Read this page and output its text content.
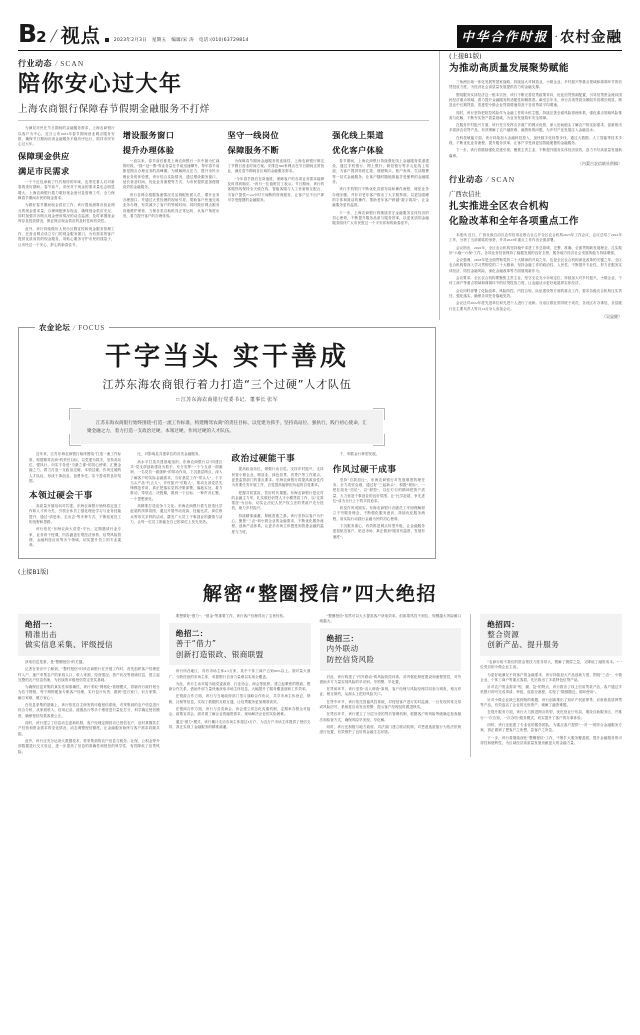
B2 / 视点	2023年2月3日 星期五 编辑/宋 涛 电话:(010)63729814	中华合作时报 · 农村金融
行业动态 / SCAN
陪你安心过大年
上海农商银行保障春节假期金融服务不打烊

为满足市民在节日期间的金融服务需求，上海农商银行以客户为中心，近日公布2023年春节期间营业网点服务安排，确保节日期间各项金融服务平稳有序运行，陪伴市民安心过大年。

保障现金供应
满足市民需求

一个个红包承载了代代相传的年味，也寄托着人们对新春的美好期盼。春节前夕，市民对于现金的需求量也会明显增大，上海农商银行着力做好现金备付及管理工作，全力保障春节期间市民的现金需求。

为做好春节期间现金供应工作，该行提前测算各营业网点的现金需求量，合理调配库存现金，确保现金供应充足；同时加强对各网点现金使用情况的动态监测，及时掌握现金库存及投放情况，保证网点现金供应的及时性和有效性。

此外，该行持续做好人民币反假宣传和现金服务管理工作，在营业网点设立专门的现金服务窗口，为有需求的客户提供优质高效的现金服务，用贴心服务守护市民的钱袋子，让市民过一个安心、舒心的新春佳节。

增设服务窗口
提升办理体验

一直以来，春节前后都是上海农商银行一年中最为忙碌的时段，“钱”“证”“票”等业务量在节前迅速攀升，每年春节前都是网点办理业务的高峰期。为缓解网点压力、提升市民办理业务的体验感，该行结合实际情况，通过增设服务窗口、延长营业时间、优化业务流程等方式，为市民提供更加便捷高效的金融服务。

该行各网点根据客流情况灵活调配柜面人员，增开业务办理窗口，并通过大堂经理的现场引导，帮助客户快速完成业务办理，有效减少了客户的等候时间；同时做好网点服务设施维护保养，力保各类自助机具正常运转，从客户角度出发，着力提升客户的办理体验。

坚守一线岗位
保障服务不断

为保障春节期间金融服务的连续性，上海农商银行制定了节假日营业时间方案，安排近300家网点在节日期间正常营业，满足春节期间各区域的金融服务需求。

“今年春节我们在岗值班，保障客户的各项业务需求能够及时得到响应。”该行一位值班员工表示。节日期间，该行的客服热线保持全天候在线，智能客服与人工坐席相互配合，为客户提供7×24小时不间断的咨询服务，让客户足不出户即可享受便捷的金融服务。

强化线上渠道
优化客户体验

春节期间，上海农商银行持续强化线上金融服务渠道建设，通过手机银行、网上银行、微信银行等多元化线上渠道，为客户提供转账汇款、理财购买、账户查询、生活缴费等一站式金融服务，让客户随时随地都能享受便利的金融服务。

该行手机银行不断优化页面布局和操作流程，简化业务办理步骤，并针对老年客户推出了大字版界面，以更加清晰的字体和简洁的操作，帮助老年客户跨越“数字鸿沟”，让金融服务更有温度。

下一步，上海农商银行将继续坚守金融服务实体经济的初心使命，不断提升服务品质与服务效率，以更优质的金融服务陪伴广大市民度过一个平安祥和的新春佳节。

(上接B1版)
为推动高质量发展聚势赋能

三角洲区域一体化发展等国家战略，持续加大对制造业、小微企业、乡村振兴等重点领域和薄弱环节的信贷投放力度，为经济社会高质量发展提供有力的金融支撑。

围绕服务实体经济这一根本宗旨，该行不断完善信贷政策导向，优化信贷资源配置，引导信贷资金流向国民经济重点领域，着力提升金融服务的适配性和精准度。截至去年末，该行各项贷款余额较年初增长明显，制造业中长期贷款、普惠型小微企业贷款增速均高于各项贷款平均增速。

同时，该行坚持把防控风险作为金融工作的永恒主题，持续完善全面风险管理体系，强化重点领域风险排查与化解，不断夯实资产质量基础，为业务发展筑牢安全屏障。

在服务乡村振兴方面，该行充分发挥点多面广的网点优势，深入田间地头了解农户的实际需求，创新推出多款涉农信贷产品，有效缓解了农户融资难、融资贵的问题，为乡村产业发展注入金融活水。

在科技赋能方面，该行持续加大金融科技投入，加快数字化转型步伐，通过大数据、人工智能等技术手段，不断优化业务流程、提升服务效率，让客户享受到更加智能便捷的金融服务。

下一步，该行将继续强化党建引领，聚焦主责主业，不断提升服务实体经济质效，奋力书写高质量发展新篇章。

（内蒙古农信联社供稿）
行业动态 / SCAN
广西农信社
扎实推进全区农合机构
化险改革和全年各项重点工作

本报讯 近日，广西壮族自治区农村信用社联合社召开全区农合机构2023年工作会议，会议总结了2022年工作，分析了当前面临的形势，并对2023年重点工作作出全面部署。

会议指出，2022年，全区农合机构坚持稳中求进工作总基调，完整、准确、全面贯彻新发展理念，扎实做好“六稳”“六保”工作，各项业务经营保持了稳健发展的良好态势，服务地方经济社会发展的能力持续增强。

会议强调，2023年是全面贯彻党的二十大精神的开局之年，也是全区农合机构深化改革的关键之年。全区农合机构要深入学习贯彻党的二十大精神，坚持金融工作的政治性、人民性，不断提升专业性，努力在服务实体经济、防控金融风险、深化金融改革等方面展现新作为。

会议要求，全区农合机构要聚焦主责主业，坚守支农支小市场定位，持续加大对乡村振兴、小微企业、个体工商户等重点领域和薄弱环节的信贷投放力度，让金融活水更好地滋养实体经济。

会议同时部署了化险改革、风险防控、内控合规、队伍建设等方面的重点工作，要求各级农合机构压实责任、强化落实，确保各项任务落地见效。

会议还对2022年度先进单位和先进个人进行了表彰。自治区联社领导班子成员，各设区市办事处、各县级行社主要负责人等共14百余人参加会议。

（吴显健）
农金论坛 / FOCUS
干字当头 实干善成
江苏东海农商银行着力打造“三个过硬”人才队伍
□ 江苏东海农商银行党委书记、董事长 张军

江苏东海农商银行始终围绕“打造一流工作标准，构建精驾农商”的责任目标，以党建为抓手，坚持高站位、强执行，践行初心使命，汇聚金融之力，着力打造一支政治过硬、本领过硬、作风过硬的人才队伍。

近年来，江苏东海农商银行始终围绕“打造一流工作标准，构建精驾农商”的责任目标，以党建为抓手，坚持高站位、强执行，向实不务虚“当最之都”的初心使命，汇聚金融之力，着力打造一支政治过硬、本领过硬、作风过硬的人才队伍，形成干事创业、奋勇争先、实干善成的良好氛围。

本领过硬会干事

高质量开展培训对共建。东海农商银行始终将定违工作和人才育为先，引领全体员工强化理论学习与业务技能提升，通过“请进来、走出去”等多种方式，不断拓宽员工的视野和思路。

该行依托“东海农商大讲堂”平台，定期邀请行业专家、业务骨干授课，内容涵盖宏观经济形势、信贷风险管理、金融科技应用等多个领域，切实提升员工的专业素养。

比，对影响及共建单位的各类金融服务。

高水平打造共建基地组织。东海农商银行以“四建区共”党支部创新建设为抓手，充分发挥“一个个支部一面旗帜、一名党员一面旗帜”的带动作用，下沉基层网点，深入了解客户的实际金融需求，当好基层工作“带头人”，干字当头产品“代言人”、乡村振兴“引路人”，推动支部党员先锋模范作用，真正把落实党的决策部署，落地实处，着力推动、带领农、决胜期，做到一个目标、一种声音汇聚、一个思想深处。

高精准打造竞争斗文化。东海农商银行着力营造比学赶超的浓厚氛围，通过开展劳动竞赛、技能比武、岗位练兵等形式多样的活动，激发广大员工干事创业的激情与活力，让每一位员工都能在自己的岗位上发光发热。

政治过硬能干事

提高政治站位，增强行动自觉。支持乡村振兴、支持民营小微企业、制造业、绿色信贷、首贷户等工作重点，更是监管部门的重点要求。东海农商银行将提高政治性作为首要任务开展工作，自觉提高能够担负起的自觉要求。

把握共同富裕，答好时代课题。东海农商银行是农村的金融主力军，扎实做好信贷人才小额贷款工作，以“注准帮扶”为目标，切实让法纪人民产权立法的贷款户充分投放，助力乡村振兴。

持续精准滴灌，厚植普惠之基。该行坚持以客户为中心，聚焦“三农”和小微企业的金融需求，不断优化服务流程、创新产品体系，让更多市场主体感受到普惠金融的温度与力度。

干，则抓金行种型发展。

作风过硬干成事

坚持“自我加压”，东海农商银行对发展难度的理任务，全力攻坚克难，通过好“三起新头”，积极“树标”、一把扛改处“初足”，以“树型”，以红灯行的精神把资产质量，大力营造干事创业的良好氛围，让“比学赶超、争先进位”成为全行上下的共同追求。

转变作风成展实。东海农商银行各级员工牢固理解树立不穷服务理念，不断强化服务意识，持续优化服务流程，用实际行动践行金融为民的初心使命。

下沉服务重心，有效推进网点转型升级，让金融服务更加贴近客户、贴近市场，真正做到“服务有温度、发展有速度”。

(上接B1版)
解密“整圈授信”四大绝招
绝招一：
精准出击
做实信息采集、评级授信

获取信息是基，是“整圈授信”的关键。

记者在采访中了解到，“整村授信”时该农商银行在开展工作时，首先组织客户经理进村入户，逐户采集农户的家庭人口、收入来源、经营情况、资产状况等基础信息，建立起完整的农户信息档案，为后续的评级授信奠定坚实基础。

为确保信息采集的真实性和准确性，该行采取“网格化”管理模式，将辖内行政村划分为若干网格，每个网格配备专职客户经理，实行包片负责，做到“进万家门、识万家情、解万家难、暖万家心”。

在信息采集的基础上，该行依托自主研发的评级授信系统，对采集到的农户信息进行综合分析，从家庭收入、信用记录、道德品行等多个维度进行量化打分，科学确定授信额度，确保授信结果客观公正。

同时，该行建立了信息动态更新机制，客户经理定期回访已授信农户，及时掌握其生产经营和资金需求的变化情况，动态调整授信额度，让金融服务始终与客户需求同频共振。

此外，该行还充分运用大数据技术，将采集到的农户信息与税务、社保、公积金等外部数据进行交叉验证，进一步提高了信息的准确性和授信的科学性，有效降低了信贷风险。

要想做好“借力”、“借金”等重要工作，该行客户经理得出了宝贵经验。

绝招二：
善于“借力”
创新打造银政、银商联盟

该行所在地区，具有市场主体4.5万家，其中个体工商户占到90%以上。面对量大面广、分散经营的市场主体，单靠银行自身力量难以实现全覆盖。

为此，该行主动对接当地党委政府、行业协会、商会等组织，建立起紧密的银政、银商合作关系，借助外部力量快速获取市场主体信息，大幅提升了服务覆盖面和工作效率。

在银政合作方面，该行与当地政府部门签订战略合作协议，共享市场主体登记、纳税、社保等信息，实现了数据的互联互通，让信贷服务更加精准高效。

在银商合作方面，该行与各类商会、协会建立常态化沟通机制，定期举办银企对接会、政策宣讲会，面对面了解企业的融资需求，现场解决企业的实际困难。

通过“借力”模式，该行累计走访市场主体超过3万户，为近万户市场主体提供了授信支持，真正实现了金融服务的精准滴灌。

“整圈授信”虽然可以大大提高客户获取效率，但如果风控不到位，规模越大风险敞口就越大。

绝招三：
内外联动
防控信贷风险

对此，该行构建了“内外联动”的风险防控体系，对内强化制度建设和流程管控，对外借助多方力量实现风险的早识别、早预警、早处置。

在贷前环节，该行坚持“双人调查”原则，客户经理与风险经理共同参与调查，相互印证、相互制约，从源头上把好风险关口。

在贷中环节，该行依托智能风控系统，对授信客户进行实时监测，一旦发现异常交易或风险信号，系统将自动发出预警，提示客户经理及时跟进核实。

在贷后环节，该行建立了分层分类的贷后管理机制，根据客户的风险等级确定检查频次和检查方式，确保风险早发现、早化解。

同时，该行还积极与地方政府、司法部门建立联动机制，对恶意逃废债行为依法依规进行处置，有效维护了良好的金融生态环境。

绝招四：
整合资源
创新产品、提升服务

“农商行给不我们的资金帮扶力度非常大，既解了燃眉之急，又降低了融资成本。”一位受访的小微企业主说。

为更好地满足不同客户的金融需求，该行持续加大产品创新力度，围绕“三农”、小微企业、个体工商户等重点客群，先后推出了多款特色信贷产品。

针对农户资金需求“短、频、急”的特点，该行推出了线上信用贷款产品，客户通过手机银行即可完成申请、审批、放款全流程，实现了“随借随还、循环使用”。

针对小微企业缺乏抵押物的难题，该行创新推出了知识产权质押贷、应收账款质押贷等产品，有效盘活了企业的无形资产，破解了融资难题。

在提升服务方面，该行大力推进网点转型，优化营业厅布局，增设自助服务区，并推行“一次告知、一次办结”服务模式，切实提升了客户的办事体验。

同时，该行还组建了专业化的服务团队，为重点客户提供“一对一”的综合金融服务方案，真正做到了想客户之所想、急客户之所急。

下一步，该行将继续深化“整圈授信”工作，不断扩大服务覆盖面，提升金融服务的可得性和便利性，为区域经济高质量发展贡献更大的金融力量。
